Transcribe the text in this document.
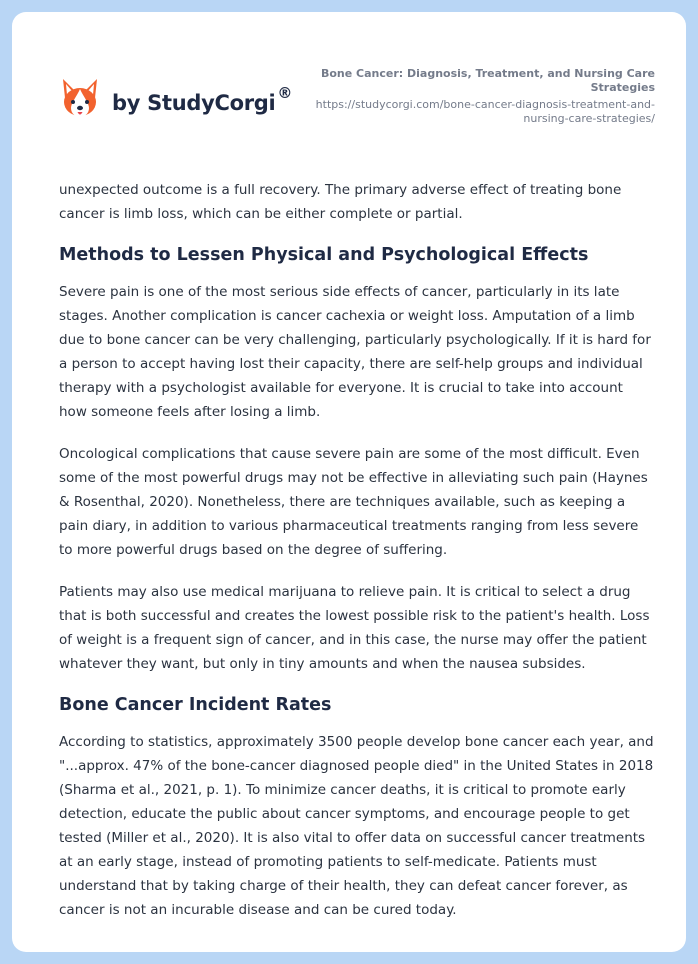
by StudyCorgi ®
Bone Cancer: Diagnosis, Treatment, and Nursing Care Strategies
https://studycorgi.com/bone-cancer-diagnosis-treatment-and-nursing-care-strategies/

unexpected outcome is a full recovery. The primary adverse effect of treating bone cancer is limb loss, which can be either complete or partial.

Methods to Lessen Physical and Psychological Effects

Severe pain is one of the most serious side effects of cancer, particularly in its late stages. Another complication is cancer cachexia or weight loss. Amputation of a limb due to bone cancer can be very challenging, particularly psychologically. If it is hard for a person to accept having lost their capacity, there are self-help groups and individual therapy with a psychologist available for everyone. It is crucial to take into account how someone feels after losing a limb.

Oncological complications that cause severe pain are some of the most difficult. Even some of the most powerful drugs may not be effective in alleviating such pain (Haynes & Rosenthal, 2020). Nonetheless, there are techniques available, such as keeping a pain diary, in addition to various pharmaceutical treatments ranging from less severe to more powerful drugs based on the degree of suffering.

Patients may also use medical marijuana to relieve pain. It is critical to select a drug that is both successful and creates the lowest possible risk to the patient's health. Loss of weight is a frequent sign of cancer, and in this case, the nurse may offer the patient whatever they want, but only in tiny amounts and when the nausea subsides.

Bone Cancer Incident Rates

According to statistics, approximately 3500 people develop bone cancer each year, and "...approx. 47% of the bone-cancer diagnosed people died" in the United States in 2018 (Sharma et al., 2021, p. 1). To minimize cancer deaths, it is critical to promote early detection, educate the public about cancer symptoms, and encourage people to get tested (Miller et al., 2020). It is also vital to offer data on successful cancer treatments at an early stage, instead of promoting patients to self-medicate. Patients must understand that by taking charge of their health, they can defeat cancer forever, as cancer is not an incurable disease and can be cured today.
